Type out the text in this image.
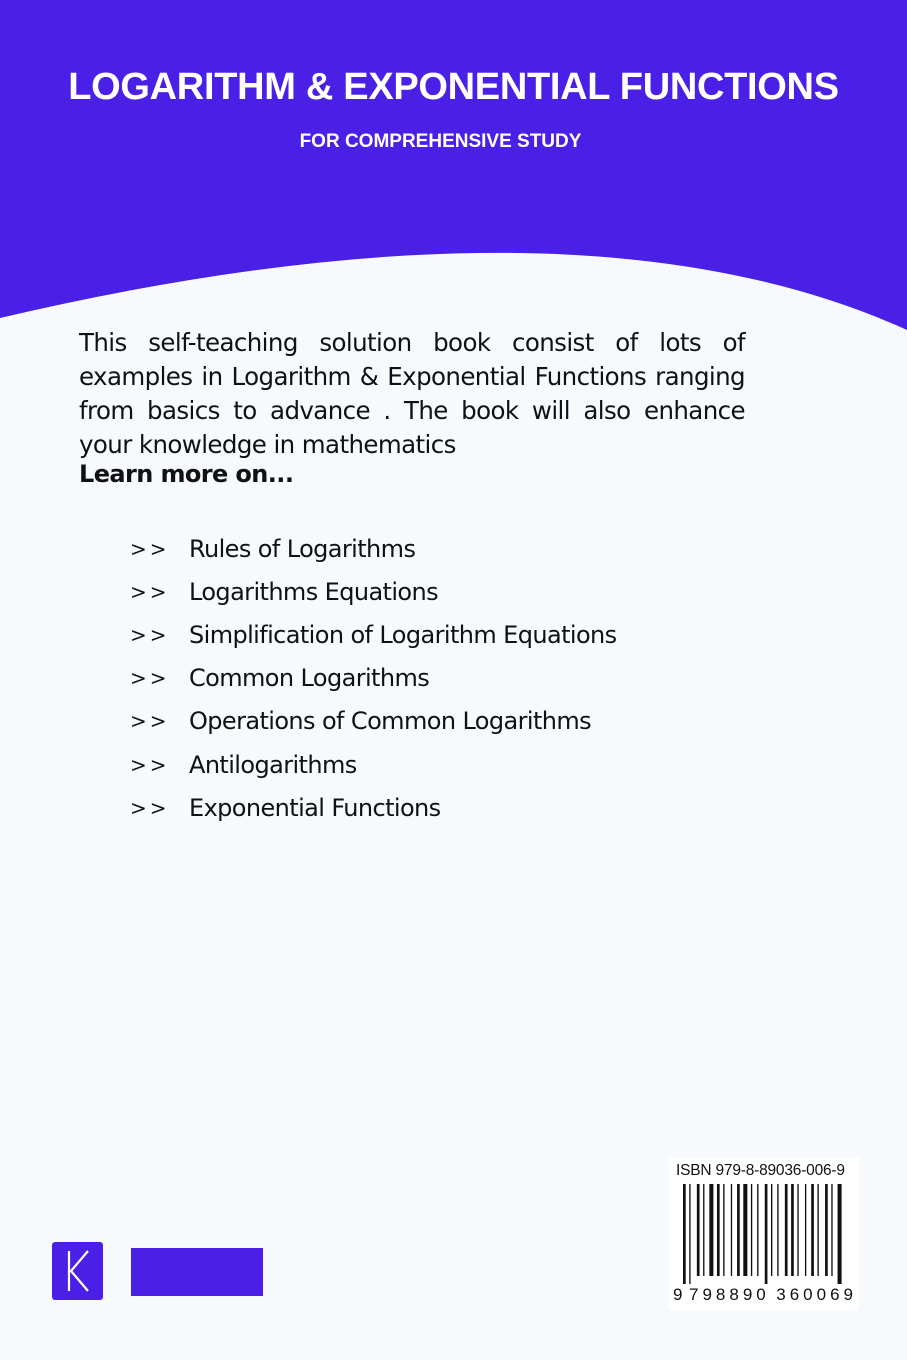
LOGARITHM & EXPONENTIAL FUNCTIONS
FOR COMPREHENSIVE STUDY
This self-teaching solution book consist of lots of examples in Logarithm & Exponential Functions ranging from basics to advance . The book will also enhance your knowledge in mathematics
Learn more on...
>> Rules of Logarithms
>> Logarithms Equations
>> Simplification of Logarithm Equations
>> Common Logarithms
>> Operations of Common Logarithms
>> Antilogarithms
>> Exponential Functions
ISBN 979-8-89036-006-9
9 798890 360069
